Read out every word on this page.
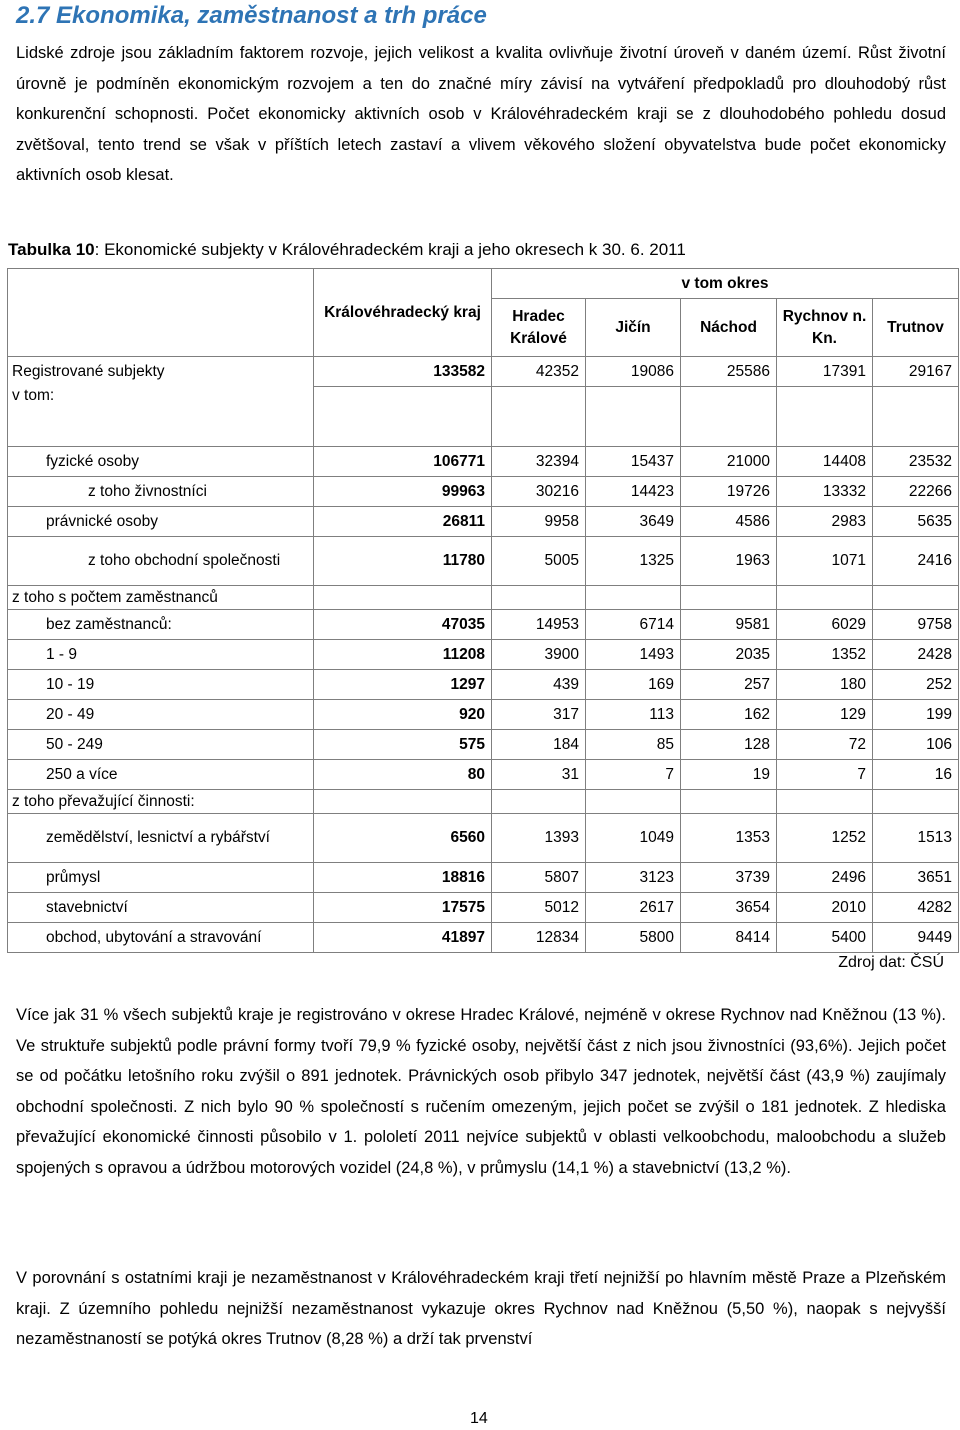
2.7 Ekonomika, zaměstnanost a trh práce

Lidské zdroje jsou základním faktorem rozvoje, jejich velikost a kvalita ovlivňuje životní úroveň v daném území. Růst životní úrovně je podmíněn ekonomickým rozvojem a ten do značné míry závisí na vytváření předpokladů pro dlouhodobý růst konkurenční schopnosti. Počet ekonomicky aktivních osob v Královéhradeckém kraji se z dlouhodobého pohledu dosud zvětšoval, tento trend se však v příštích letech zastaví a vlivem věkového složení obyvatelstva bude počet ekonomicky aktivních osob klesat.

Tabulka 10: Ekonomické subjekty v Královéhradeckém kraji a jeho okresech k 30. 6. 2011

	Královéhradecký kraj	v tom okres				
		Hradec Králové	Jičín	Náchod	Rychnov n. Kn.	Trutnov
Registrované subjekty	133582	42352	19086	25586	17391	29167
v tom:						
fyzické osoby	106771	32394	15437	21000	14408	23532
z toho živnostníci	99963	30216	14423	19726	13332	22266
právnické osoby	26811	9958	3649	4586	2983	5635
z toho obchodní společnosti	11780	5005	1325	1963	1071	2416
z toho s počtem zaměstnanců						
bez zaměstnanců:	47035	14953	6714	9581	6029	9758
1 - 9	11208	3900	1493	2035	1352	2428
10 - 19	1297	439	169	257	180	252
20 - 49	920	317	113	162	129	199
50 - 249	575	184	85	128	72	106
250 a více	80	31	7	19	7	16
z toho převažující činnosti:						
zemědělství, lesnictví a rybářství	6560	1393	1049	1353	1252	1513
průmysl	18816	5807	3123	3739	2496	3651
stavebnictví	17575	5012	2617	3654	2010	4282
obchod, ubytování a stravování	41897	12834	5800	8414	5400	9449

Zdroj dat: ČSÚ

Více jak 31 % všech subjektů kraje je registrováno v okrese Hradec Králové, nejméně v okrese Rychnov nad Kněžnou (13 %). Ve struktuře subjektů podle právní formy tvoří 79,9 % fyzické osoby, největší část z nich jsou živnostníci (93,6%). Jejich počet se od počátku letošního roku zvýšil o 891 jednotek. Právnických osob přibylo 347 jednotek, největší část (43,9 %) zaujímaly obchodní společnosti. Z nich bylo 90 % společností s ručením omezeným, jejich počet se zvýšil o 181 jednotek. Z hlediska převažující ekonomické činnosti působilo v 1. pololetí 2011 nejvíce subjektů v oblasti velkoobchodu, maloobchodu a služeb spojených s opravou a údržbou motorových vozidel (24,8 %), v průmyslu (14,1 %) a stavebnictví (13,2 %).

V porovnání s ostatními kraji je nezaměstnanost v Královéhradeckém kraji třetí nejnižší po hlavním městě Praze a Plzeňském kraji. Z územního pohledu nejnižší nezaměstnanost vykazuje okres Rychnov nad Kněžnou (5,50 %), naopak s nejvyšší nezaměstnaností se potýká okres Trutnov (8,28 %) a drží tak prvenství

14
